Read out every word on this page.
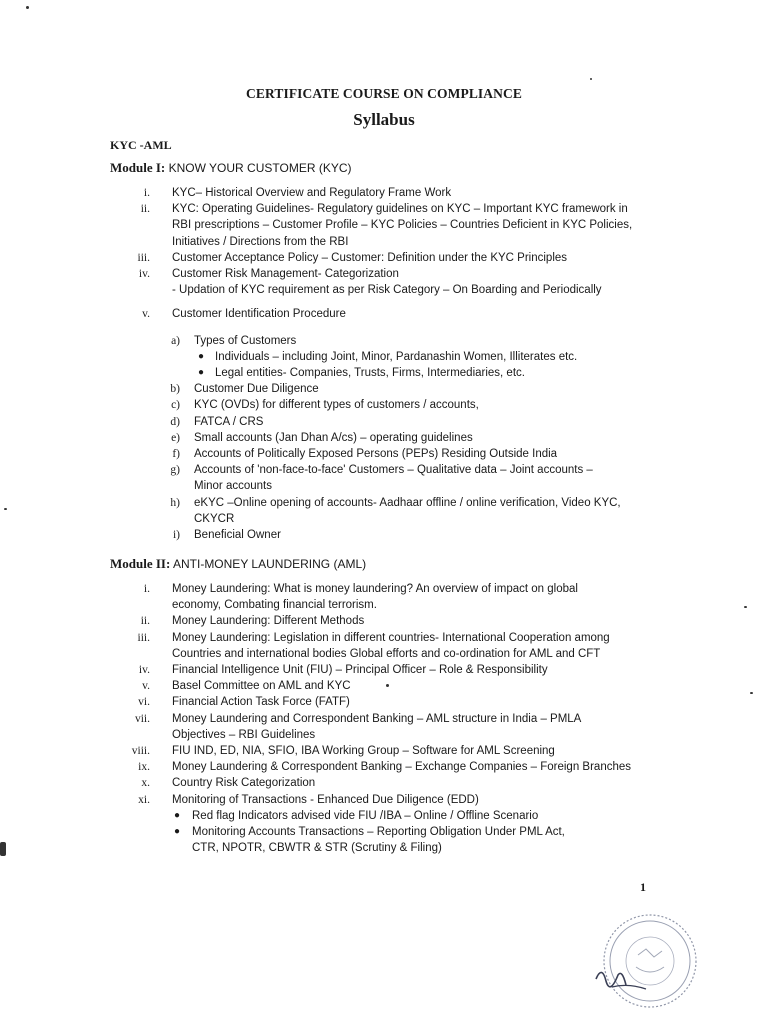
CERTIFICATE COURSE ON COMPLIANCE
Syllabus
KYC -AML
Module I: KNOW YOUR CUSTOMER (KYC)
i. KYC– Historical Overview and Regulatory Frame Work
ii. KYC: Operating Guidelines- Regulatory guidelines on KYC – Important KYC framework in
RBI prescriptions – Customer Profile – KYC Policies – Countries Deficient in KYC Policies,
Initiatives / Directions from the RBI
iii. Customer Acceptance Policy – Customer: Definition under the KYC Principles
iv. Customer Risk Management- Categorization
- Updation of KYC requirement as per Risk Category – On Boarding and Periodically
v. Customer Identification Procedure
a) Types of Customers
● Individuals – including Joint, Minor, Pardanashin Women, Illiterates etc.
● Legal entities- Companies, Trusts, Firms, Intermediaries, etc.
b) Customer Due Diligence
c) KYC (OVDs) for different types of customers / accounts,
d) FATCA / CRS
e) Small accounts (Jan Dhan A/cs) – operating guidelines
f) Accounts of Politically Exposed Persons (PEPs) Residing Outside India
g) Accounts of 'non-face-to-face' Customers – Qualitative data – Joint accounts –
Minor accounts
h) eKYC –Online opening of accounts- Aadhaar offline / online verification, Video KYC,
CKYCR
i) Beneficial Owner
Module II: ANTI-MONEY LAUNDERING (AML)
i. Money Laundering: What is money laundering? An overview of impact on global
economy, Combating financial terrorism.
ii. Money Laundering: Different Methods
iii. Money Laundering: Legislation in different countries- International Cooperation among
Countries and international bodies Global efforts and co-ordination for AML and CFT
iv. Financial Intelligence Unit (FIU) – Principal Officer – Role & Responsibility
v. Basel Committee on AML and KYC
vi. Financial Action Task Force (FATF)
vii. Money Laundering and Correspondent Banking – AML structure in India – PMLA
Objectives – RBI Guidelines
viii. FIU IND, ED, NIA, SFIO, IBA Working Group – Software for AML Screening
ix. Money Laundering & Correspondent Banking – Exchange Companies – Foreign Branches
x. Country Risk Categorization
xi. Monitoring of Transactions - Enhanced Due Diligence (EDD)
● Red flag Indicators advised vide FIU /IBA – Online / Offline Scenario
● Monitoring Accounts Transactions – Reporting Obligation Under PML Act,
CTR, NPOTR, CBWTR & STR (Scrutiny & Filing)
1
